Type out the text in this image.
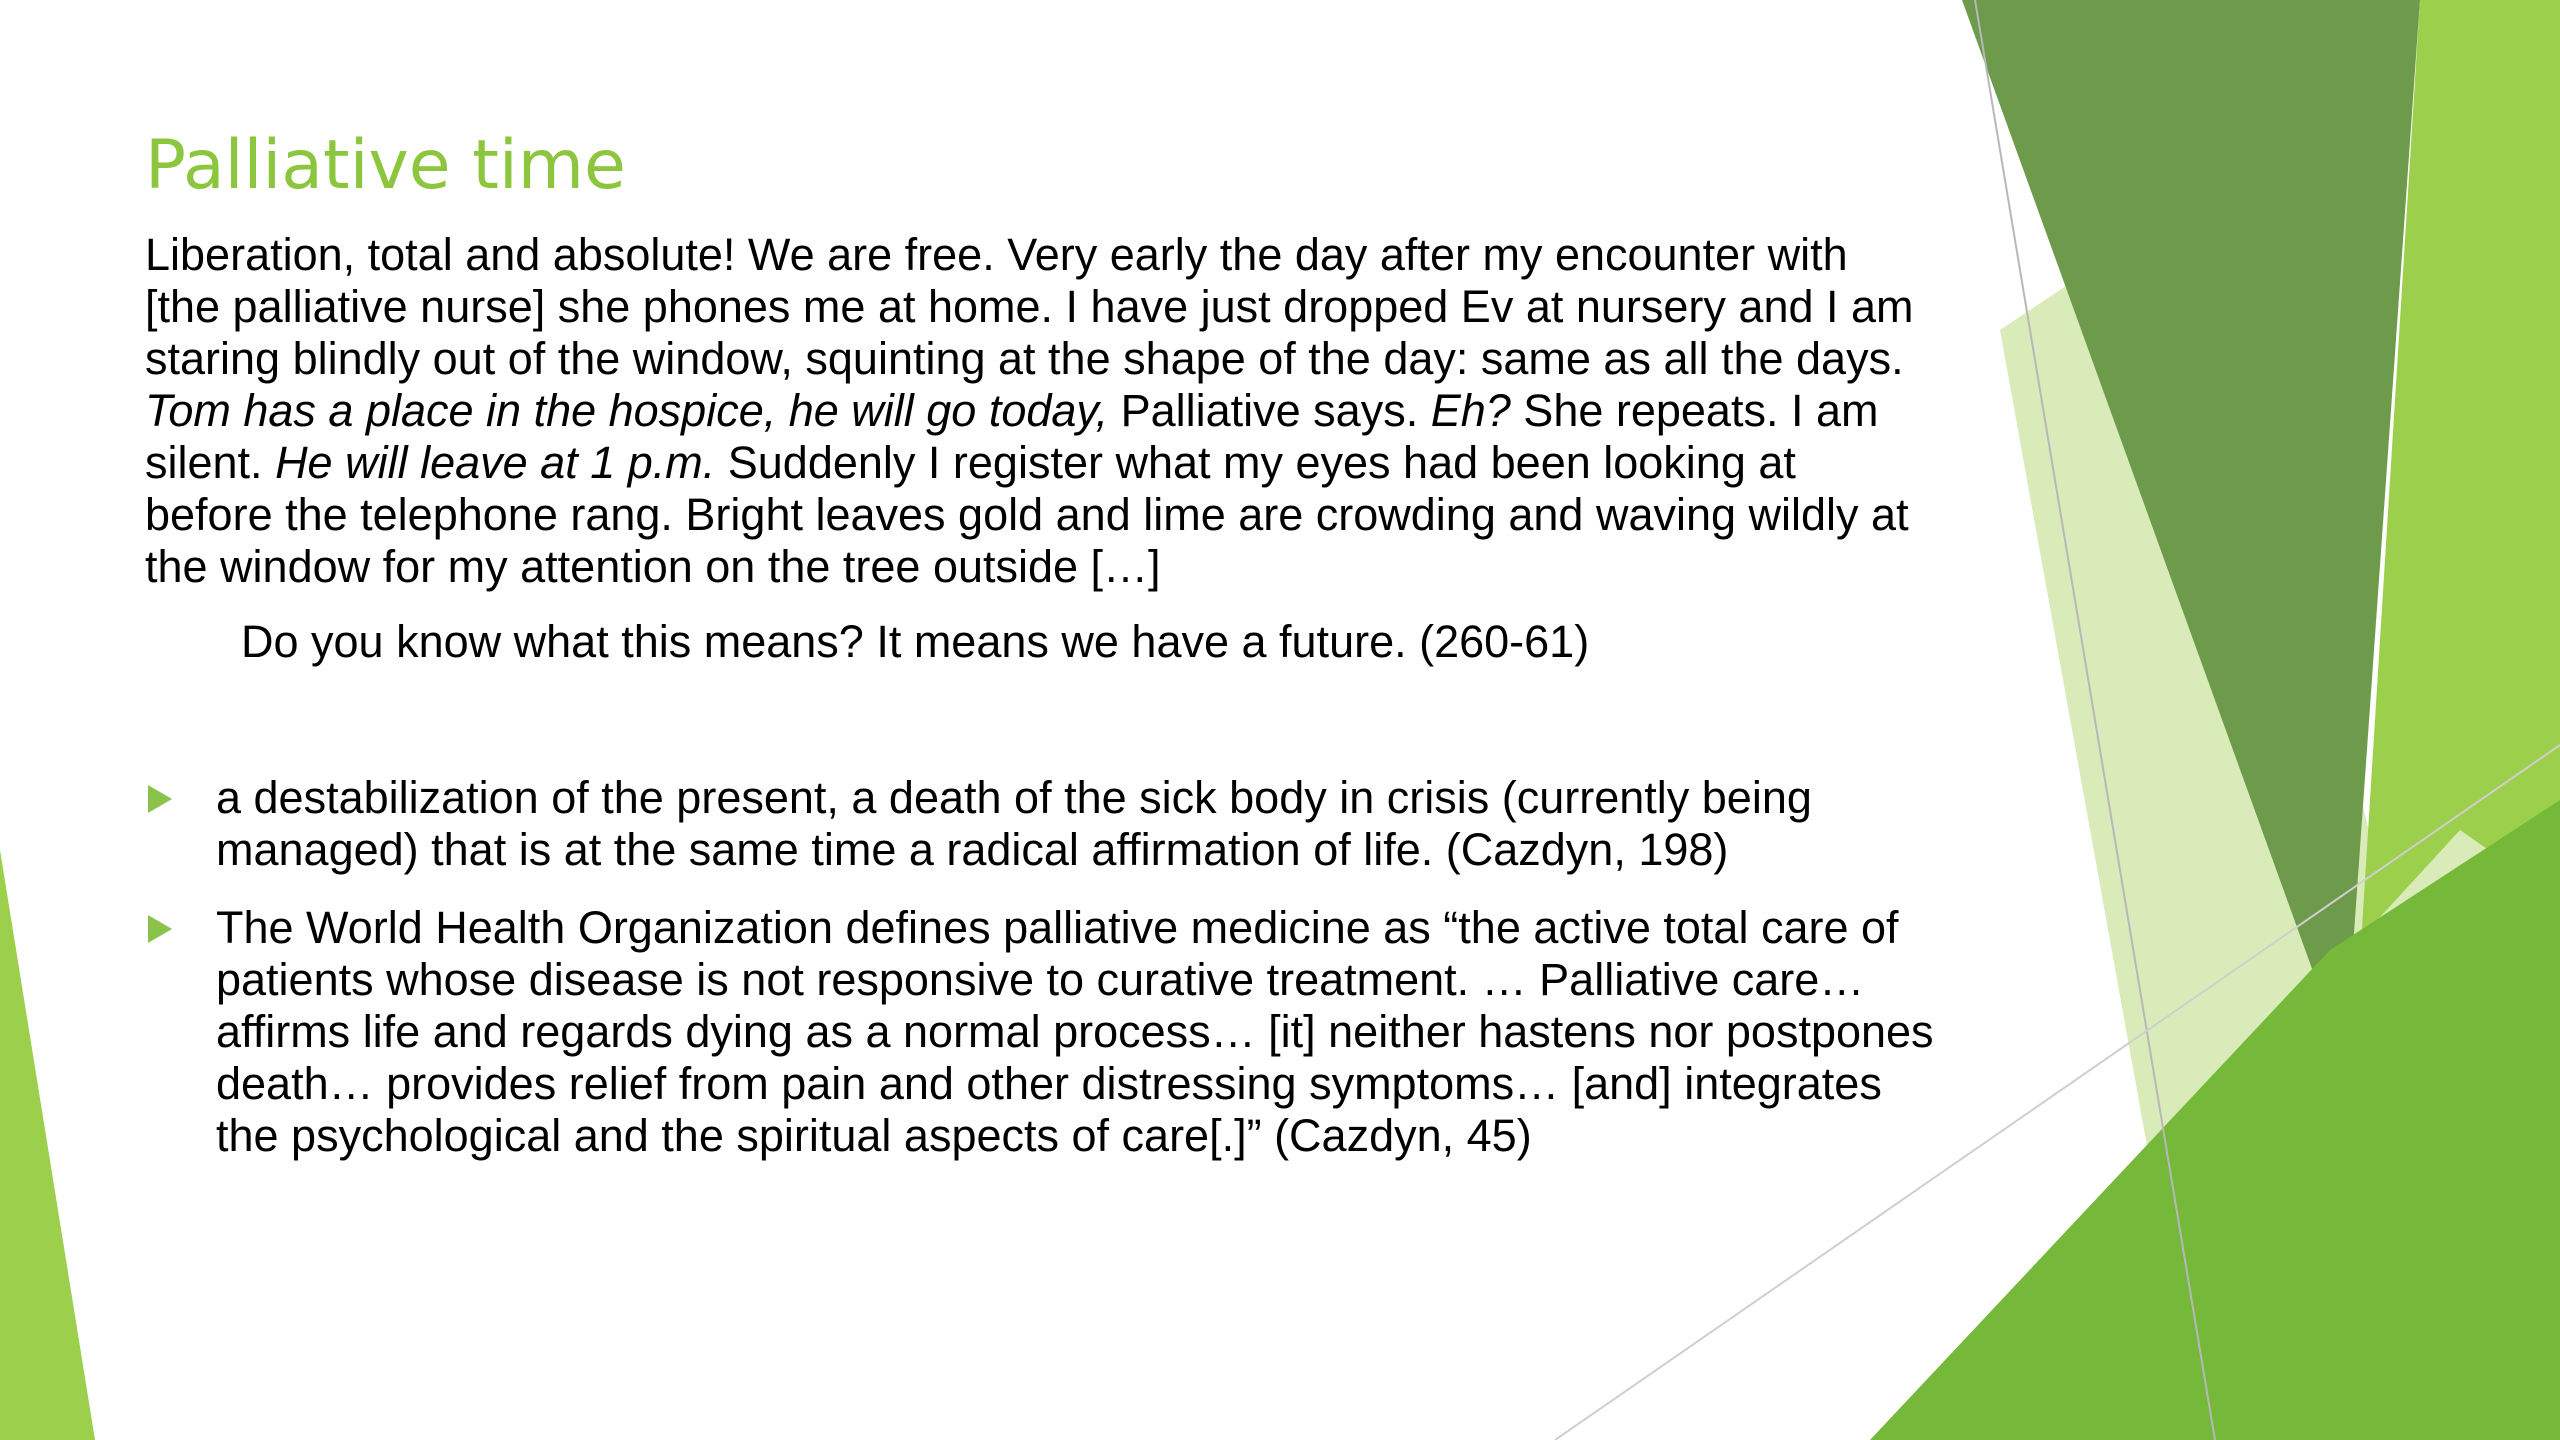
Palliative time

Liberation, total and absolute! We are free. Very early the day after my encounter with [the palliative nurse] she phones me at home. I have just dropped Ev at nursery and I am staring blindly out of the window, squinting at the shape of the day: same as all the days. Tom has a place in the hospice, he will go today, Palliative says. Eh? She repeats. I am silent. He will leave at 1 p.m. Suddenly I register what my eyes had been looking at before the telephone rang. Bright leaves gold and lime are crowding and waving wildly at the window for my attention on the tree outside […]

Do you know what this means? It means we have a future. (260-61)

a destabilization of the present, a death of the sick body in crisis (currently being managed) that is at the same time a radical affirmation of life. (Cazdyn, 198)
The World Health Organization defines palliative medicine as “the active total care of patients whose disease is not responsive to curative treatment. … Palliative care… affirms life and regards dying as a normal process… [it] neither hastens nor postpones death… provides relief from pain and other distressing symptoms… [and] integrates the psychological and the spiritual aspects of care[.]” (Cazdyn, 45)
